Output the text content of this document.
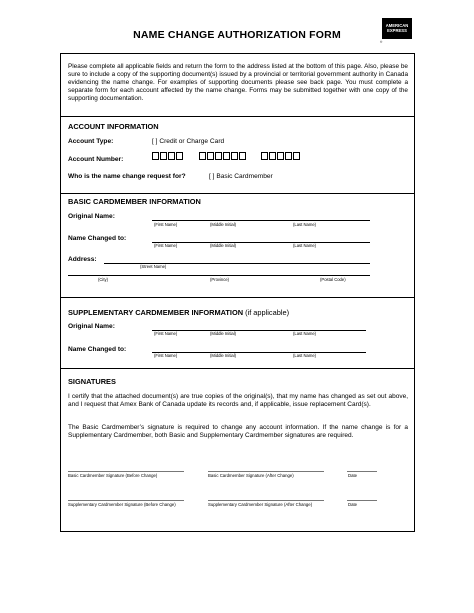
NAME CHANGE AUTHORIZATION FORM
AMERICAN
EXPRESS
®
Please complete all applicable fields and return the form to the address listed at the bottom of this page. Also, please be sure to include a copy of the supporting document(s) issued by a provincial or territorial government authority in Canada evidencing the name change. For examples of supporting documents please see back page. You must complete a separate form for each account affected by the name change. Forms may be submitted together with one copy of the supporting documentation.
ACCOUNT INFORMATION
Account Type:	[ ] Credit or Charge Card
Account Number:
Who is the name change request for?	[ ] Basic Cardmember
BASIC CARDMEMBER INFORMATION
Original Name:
(First Name)	(Middle Initial)	(Last Name)
Name Changed to:
(First Name)	(Middle Initial)	(Last Name)
Address:
(Street Name)
(City)	(Province)	(Postal Code)
SUPPLEMENTARY CARDMEMBER INFORMATION (if applicable)
Original Name:
(First Name)	(Middle Initial)	(Last Name)
Name Changed to:
(First Name)	(Middle Initial)	(Last Name)
SIGNATURES
I certify that the attached document(s) are true copies of the original(s), that my name has changed as set out above, and I request that Amex Bank of Canada update its records and, if applicable, issue replacement Card(s).
The Basic Cardmember’s signature is required to change any account information. If the name change is for a Supplementary Cardmember, both Basic and Supplementary Cardmember signatures are required.
Basic Cardmember Signature (Before Change)	Basic Cardmember Signature (After Change)	Date
Supplementary Cardmember Signature (Before Change)	Supplementary Cardmember Signature (After Change)	Date
